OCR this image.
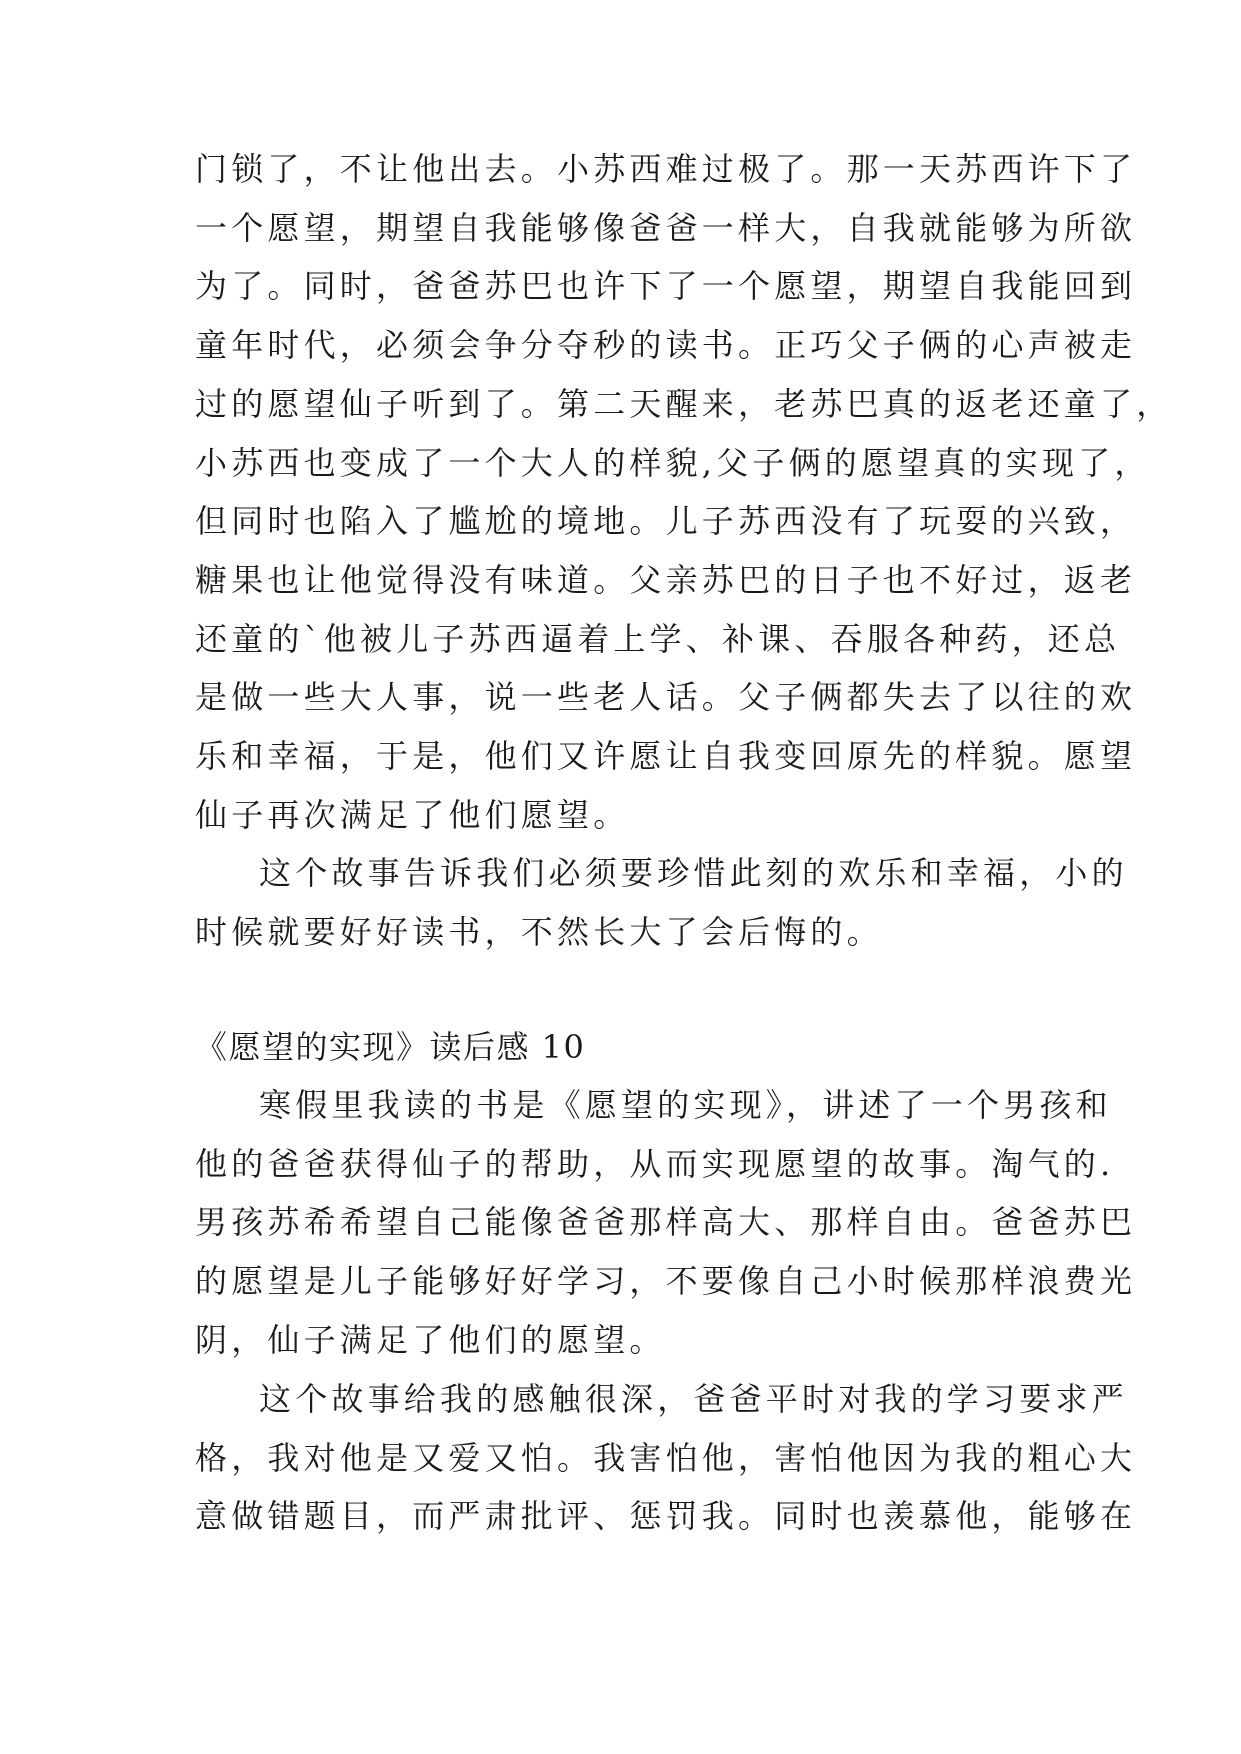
门锁了，不让他出去。小苏西难过极了。那一天苏西许下了
一个愿望，期望自我能够像爸爸一样大，自我就能够为所欲
为了。同时，爸爸苏巴也许下了一个愿望，期望自我能回到
童年时代，必须会争分夺秒的读书。正巧父子俩的心声被走
过的愿望仙子听到了。第二天醒来，老苏巴真的返老还童了，
小苏西也变成了一个大人的样貌,父子俩的愿望真的实现了，
但同时也陷入了尴尬的境地。儿子苏西没有了玩耍的兴致，
糖果也让他觉得没有味道。父亲苏巴的日子也不好过，返老
还童的`他被儿子苏西逼着上学、补课、吞服各种药，还总
是做一些大人事，说一些老人话。父子俩都失去了以往的欢
乐和幸福，于是，他们又许愿让自我变回原先的样貌。愿望
仙子再次满足了他们愿望。
这个故事告诉我们必须要珍惜此刻的欢乐和幸福，小的
时候就要好好读书，不然长大了会后悔的。
《愿望的实现》读后感 10
寒假里我读的书是《愿望的实现》，讲述了一个男孩和
他的爸爸获得仙子的帮助，从而实现愿望的故事。淘气的.
男孩苏希希望自己能像爸爸那样高大、那样自由。爸爸苏巴
的愿望是儿子能够好好学习，不要像自己小时候那样浪费光
阴，仙子满足了他们的愿望。
这个故事给我的感触很深，爸爸平时对我的学习要求严
格，我对他是又爱又怕。我害怕他，害怕他因为我的粗心大
意做错题目，而严肃批评、惩罚我。同时也羡慕他，能够在
